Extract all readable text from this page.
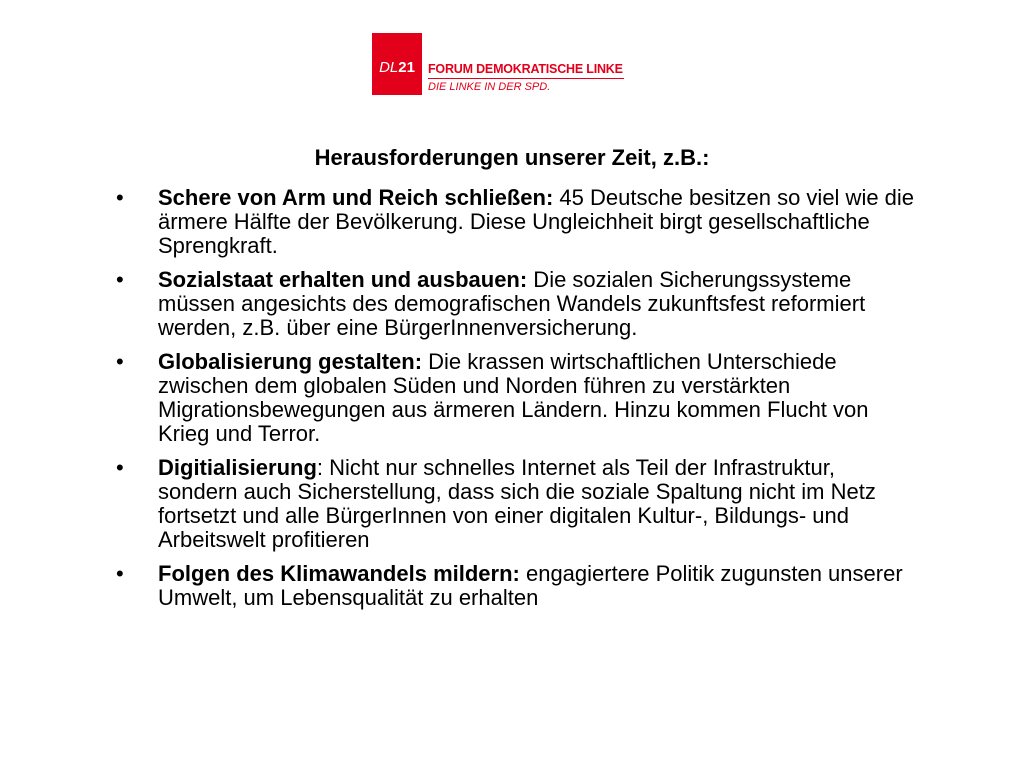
DL 21 FORUM DEMOKRATISCHE LINKE
DIE LINKE IN DER SPD.
Herausforderungen unserer Zeit, z.B.:
• Schere von Arm und Reich schließen: 45 Deutsche besitzen so viel wie die ärmere Hälfte der Bevölkerung. Diese Ungleichheit birgt gesellschaftliche Sprengkraft.
• Sozialstaat erhalten und ausbauen: Die sozialen Sicherungssysteme müssen angesichts des demografischen Wandels zukunftsfest reformiert werden, z.B. über eine BürgerInnenversicherung.
• Globalisierung gestalten: Die krassen wirtschaftlichen Unterschiede zwischen dem globalen Süden und Norden führen zu verstärkten Migrationsbewegungen aus ärmeren Ländern. Hinzu kommen Flucht von Krieg und Terror.
• Digitialisierung: Nicht nur schnelles Internet als Teil der Infrastruktur, sondern auch Sicherstellung, dass sich die soziale Spaltung nicht im Netz fortsetzt und alle BürgerInnen von einer digitalen Kultur-, Bildungs- und Arbeitswelt profitieren
• Folgen des Klimawandels mildern: engagiertere Politik zugunsten unserer Umwelt, um Lebensqualität zu erhalten
